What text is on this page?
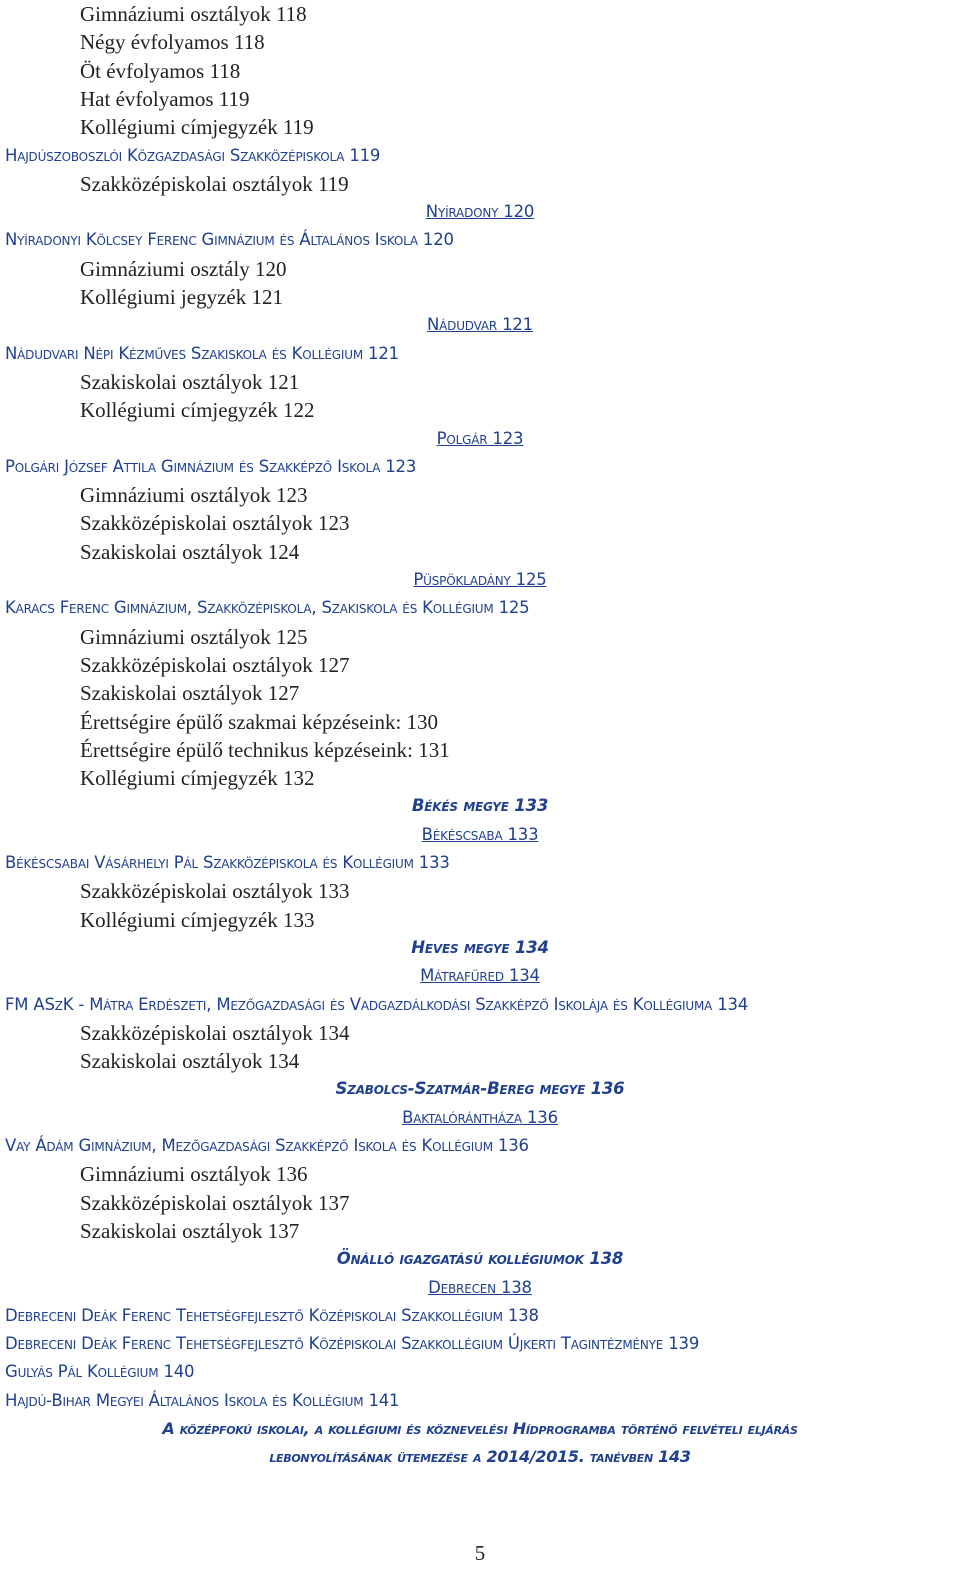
Gimnáziumi osztályok 118
Négy évfolyamos 118
Öt évfolyamos 118
Hat évfolyamos 119
Kollégiumi címjegyzék 119
Hajdúszoboszlói Közgazdasági Szakközépiskola 119
Szakközépiskolai osztályok 119
Nyíradony 120
Nyíradonyi Kölcsey Ferenc Gimnázium és Általános Iskola 120
Gimnáziumi osztály 120
Kollégiumi jegyzék 121
Nádudvar 121
Nádudvari Népi Kézműves Szakiskola és Kollégium 121
Szakiskolai osztályok 121
Kollégiumi címjegyzék 122
Polgár 123
Polgári József Attila Gimnázium és Szakképző Iskola 123
Gimnáziumi osztályok 123
Szakközépiskolai osztályok 123
Szakiskolai osztályok 124
Püspökladány 125
Karacs Ferenc Gimnázium, Szakközépiskola, Szakiskola és Kollégium 125
Gimnáziumi osztályok 125
Szakközépiskolai osztályok 127
Szakiskolai osztályok 127
Érettségire épülő szakmai képzéseink: 130
Érettségire épülő technikus képzéseink: 131
Kollégiumi címjegyzék 132
Békés megye 133
Békéscsaba 133
Békéscsabai Vásárhelyi Pál Szakközépiskola és Kollégium 133
Szakközépiskolai osztályok 133
Kollégiumi címjegyzék 133
Heves megye 134
Mátrafüred 134
FM ASzK - Mátra Erdészeti, Mezőgazdasági és Vadgazdálkodási Szakképző Iskolája és Kollégiuma 134
Szakközépiskolai osztályok 134
Szakiskolai osztályok 134
Szabolcs-Szatmár-Bereg megye 136
Baktalórántháza 136
Vay Ádám Gimnázium, Mezőgazdasági Szakképző Iskola és Kollégium 136
Gimnáziumi osztályok 136
Szakközépiskolai osztályok 137
Szakiskolai osztályok 137
Önálló igazgatású kollégiumok 138
Debrecen 138
Debreceni Deák Ferenc Tehetségfejlesztő Középiskolai Szakkollégium 138
Debreceni Deák Ferenc Tehetségfejlesztő Középiskolai Szakkollégium Újkerti Tagintézménye 139
Gulyás Pál Kollégium 140
Hajdú-Bihar Megyei Általános Iskola és Kollégium 141
A középfokú iskolai, a kollégiumi és köznevelési Hídprogramba történő felvételi eljárás
lebonyolításának ütemezése a 2014/2015. tanévben 143
5
